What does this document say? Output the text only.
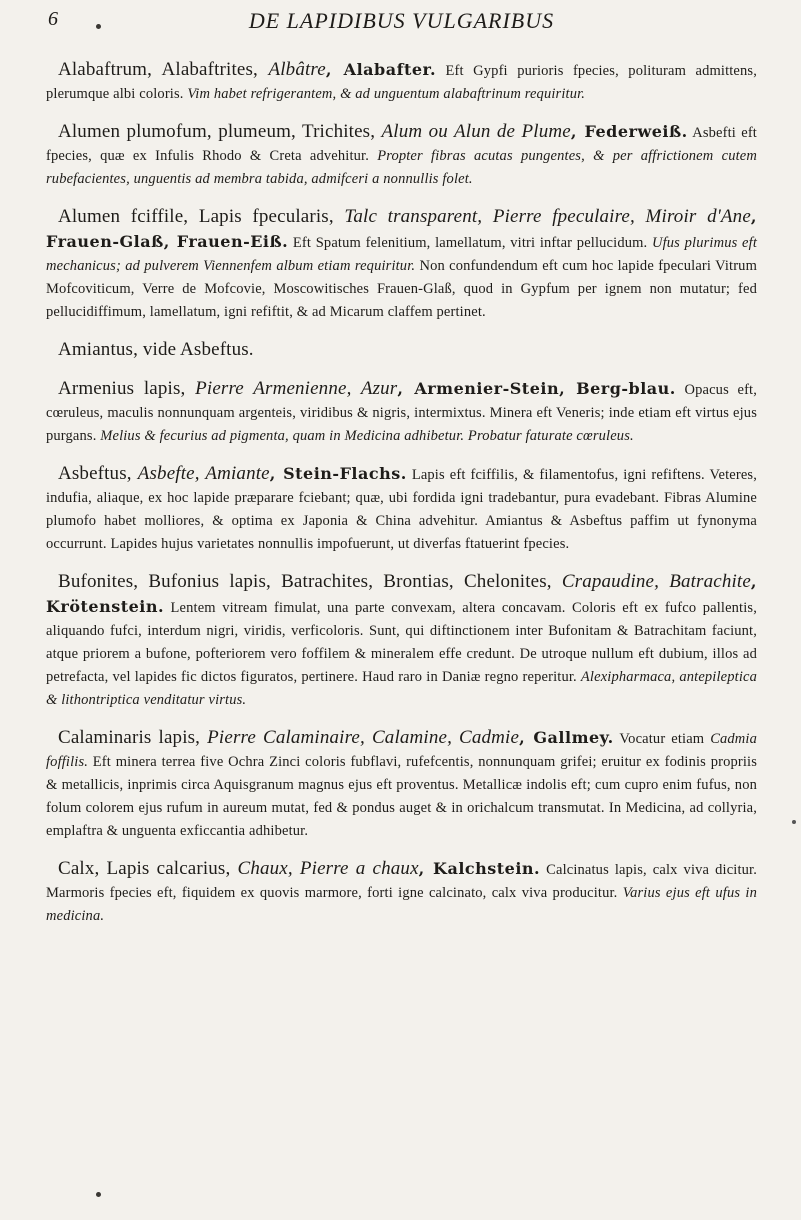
6	DE LAPIDIBUS VULGARIBUS
Alabaftrum, Alabaftrites, Albâtre, Alabafter. Eft Gypfi purioris fpecies, polituram admittens, plerumque albi coloris. Vim habet refrigerantem, & ad unguentum alabaftrinum requiritur.
Alumen plumofum, plumeum, Trichites, Alum ou Alun de Plume, Federweiß. Asbefti eft fpecies, quæ ex Infulis Rhodo & Creta advehitur. Propter fibras acutas pungentes, & per affrictionem cutem rubefacientes, unguentis ad membra tabida, admifceri a nonnullis folet.
Alumen fciffile, Lapis fpecularis, Talc transparent, Pierre fpeculaire, Miroir d'Ane, Frauen-Glaß, Frauen-Eiß. Eft Spatum felenitium, lamellatum, vitri inftar pellucidum. Ufus plurimus eft mechanicus; ad pulverem Viennenfem album etiam requiritur. Non confundendum eft cum hoc lapide fpeculari Vitrum Mofcoviticum, Verre de Mofcovie, Moscowitisches Frauen-Glaß, quod in Gypfum per ignem non mutatur; fed pellucidiffimum, lamellatum, igni refiftit, & ad Micarum claffem pertinet.
Amiantus, vide Asbeftus.
Armenius lapis, Pierre Armenienne, Azur, Armenier-Stein, Berg-blau. Opacus eft, cœruleus, maculis nonnunquam argenteis, viridibus & nigris, intermixtus. Minera eft Veneris; inde etiam eft virtus ejus purgans. Melius & fecurius ad pigmenta, quam in Medicina adhibetur. Probatur faturate cœruleus.
Asbeftus, Asbefte, Amiante, Stein-Flachs. Lapis eft fciffilis, & filamentofus, igni refiftens. Veteres, indufia, aliaque, ex hoc lapide præparare fciebant; quæ, ubi fordida igni tradebantur, pura evadebant. Fibras Alumine plumofo habet molliores, & optima ex Japonia & China advehitur. Amiantus & Asbeftus paffim ut fynonyma occurrunt. Lapides hujus varietates nonnullis impofuerunt, ut diverfas ftatuerint fpecies.
Bufonites, Bufonius lapis, Batrachites, Brontias, Chelonites, Crapaudine, Batrachite, Krötenstein. Lentem vitream fimulat, una parte convexam, altera concavam. Coloris eft ex fufco pallentis, aliquando fufci, interdum nigri, viridis, verficoloris. Sunt, qui diftinctionem inter Bufonitam & Batrachitam faciunt, atque priorem a bufone, pofteriorem vero foffilem & mineralem effe credunt. De utroque nullum eft dubium, illos ad petrefacta, vel lapides fic dictos figuratos, pertinere. Haud raro in Daniæ regno reperitur. Alexipharmaca, antepileptica & lithontriptica venditatur virtus.
Calaminaris lapis, Pierre Calaminaire, Calamine, Cadmie, Gallmey. Vocatur etiam Cadmia foffilis. Eft minera terrea five Ochra Zinci coloris fubflavi, rufefcentis, nonnunquam grifei; eruitur ex fodinis propriis & metallicis, inprimis circa Aquisgranum magnus ejus eft proventus. Metallicæ indolis eft; cum cupro enim fufus, non folum colorem ejus rufum in aureum mutat, fed & pondus auget & in orichalcum transmutat. In Medicina, ad collyria, emplaftra & unguenta exficcantia adhibetur.
Calx, Lapis calcarius, Chaux, Pierre a chaux, Kalchstein. Calcinatus lapis, calx viva dicitur. Marmoris fpecies eft, fiquidem ex quovis marmore, forti igne calcinato, calx viva producitur. Varius ejus eft ufus in medicina.
